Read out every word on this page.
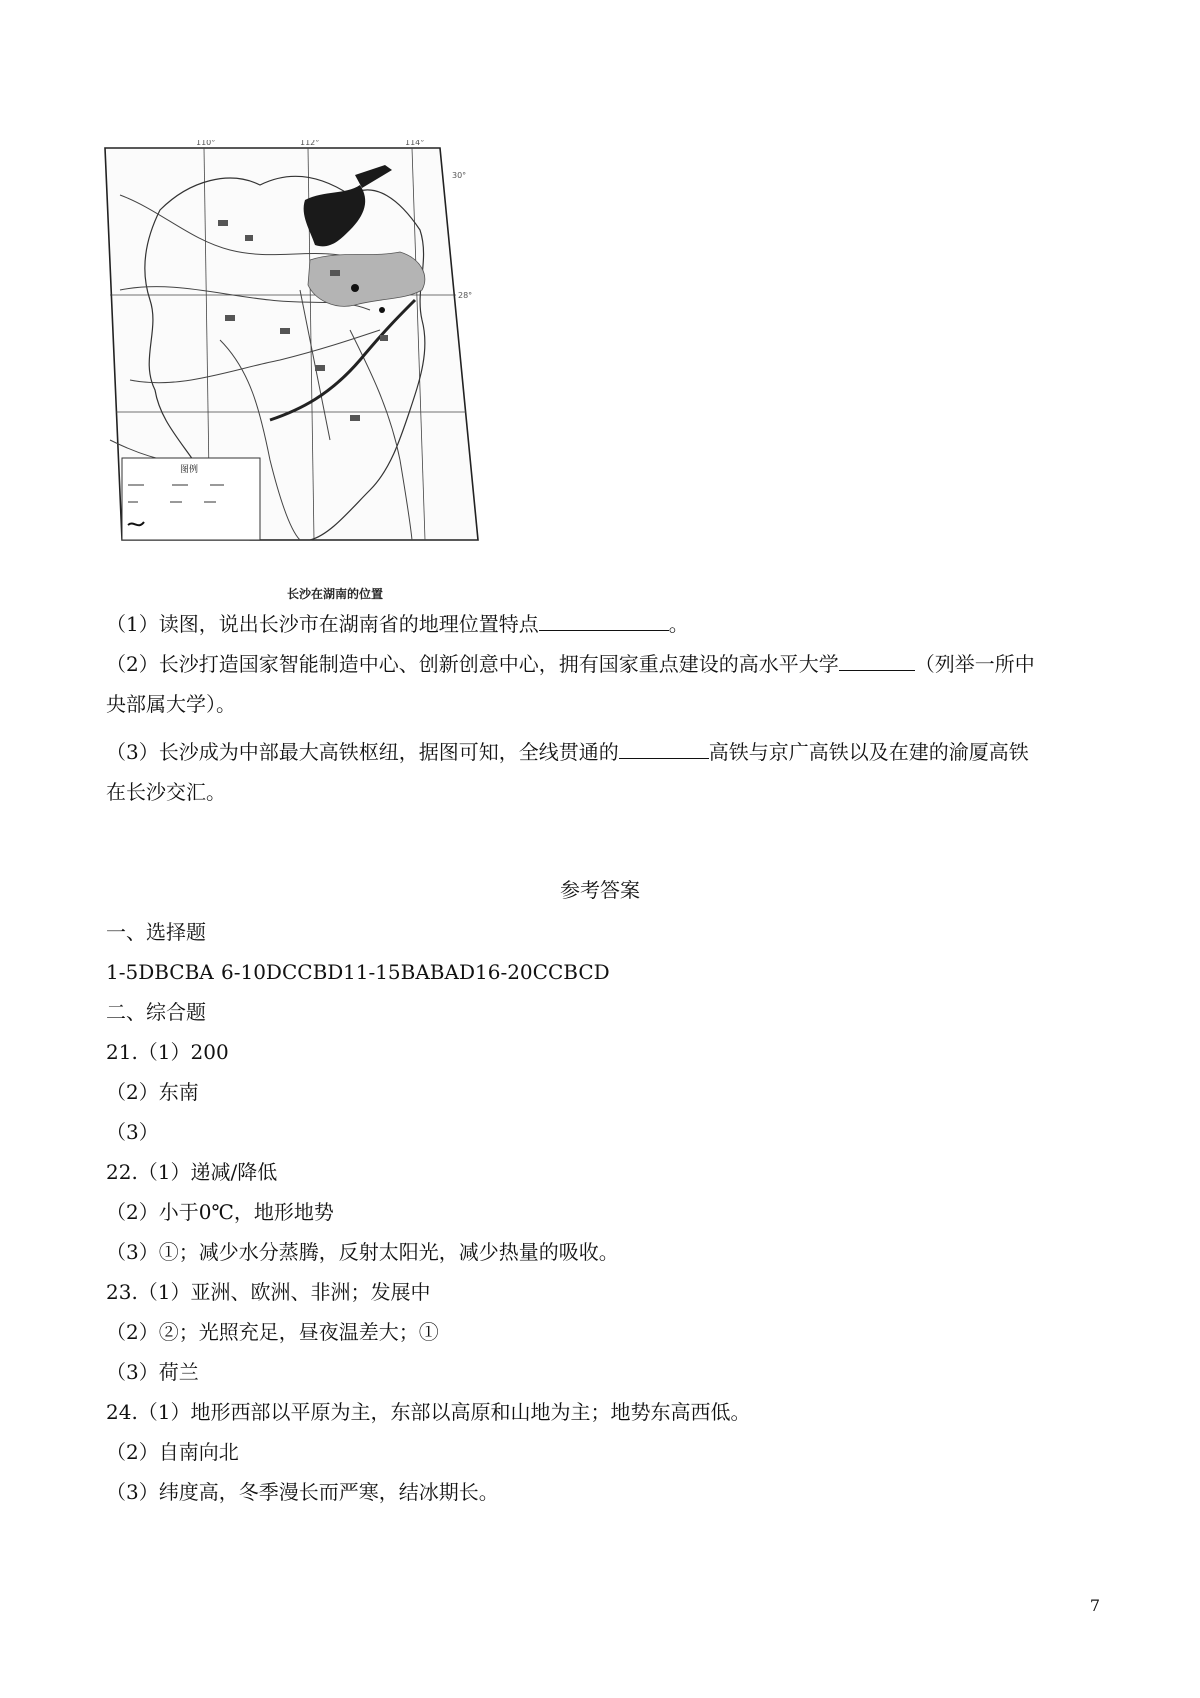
110°	112°	114°
图例
30°
28°
长沙在湖南的位置
（1）读图，说出长沙市在湖南省的地理位置特点	。
（2）长沙打造国家智能制造中心、创新创意中心，拥有国家重点建设的高水平大学	（列举一所中
央部属大学）。
（3）长沙成为中部最大高铁枢纽，据图可知，全线贯通的	高铁与京广高铁以及在建的渝厦高铁
在长沙交汇。
参考答案
一、选择题
1-5DBCBA 6-10DCCBD11-15BABAD16-20CCBCD
二、综合题
21.（1）200
（2）东南
（3）
22.（1）递减/降低
（2）小于0℃，地形地势
（3）①；减少水分蒸腾，反射太阳光，减少热量的吸收。
23.（1）亚洲、欧洲、非洲；发展中
（2）②；光照充足，昼夜温差大；①
（3）荷兰
24.（1）地形西部以平原为主，东部以高原和山地为主；地势东高西低。
（2）自南向北
（3）纬度高，冬季漫长而严寒，结冰期长。
7
